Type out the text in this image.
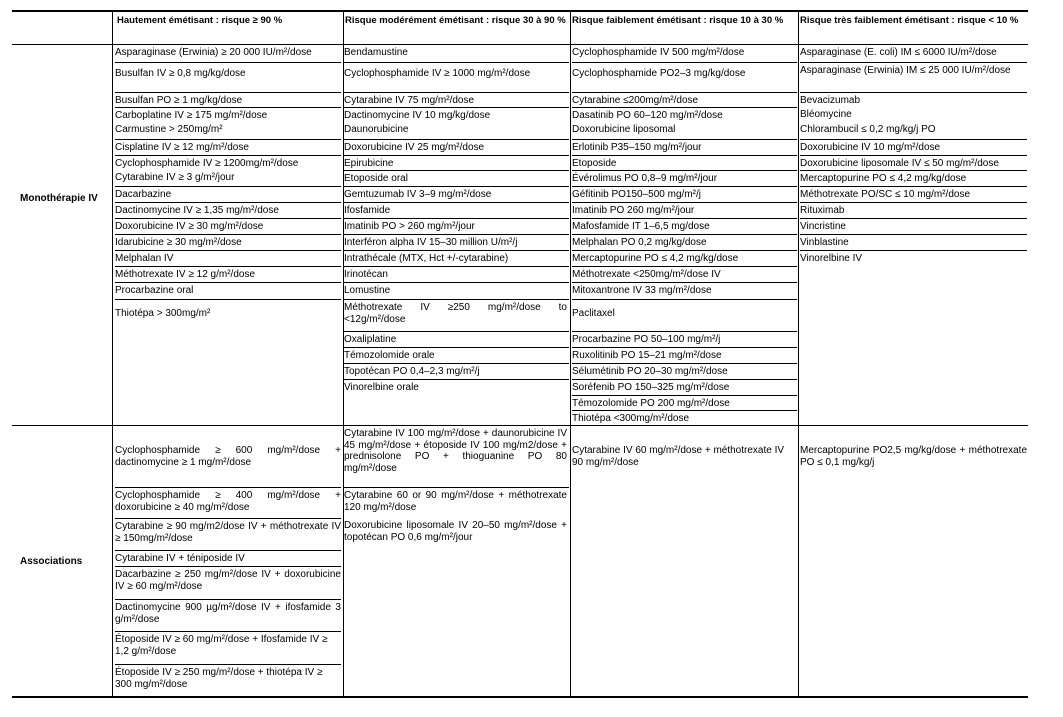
Hautement émétisant : risque ≥ 90 %	Risque modérément émétisant : risque 30 à 90 % Risque faiblement émétisant : risque 10 à 30 %	Risque très faiblement émétisant : risque < 10 %
Monothérapie IV
Associations
Asparaginase (Erwinia) ≥ 20 000 IU/m²/dose
Busulfan IV ≥ 0,8 mg/kg/dose
Busulfan PO ≥ 1 mg/kg/dose
Carboplatine IV ≥ 175 mg/m²/dose
Carmustine > 250mg/m²
Cisplatine IV ≥ 12 mg/m²/dose
Cyclophosphamide IV ≥ 1200mg/m²/dose
Cytarabine IV ≥ 3 g/m²/jour
Dacarbazine
Dactinomycine IV ≥ 1,35 mg/m²/dose
Doxorubicine IV ≥ 30 mg/m²/dose
Idarubicine ≥ 30 mg/m²/dose
Melphalan IV
Méthotrexate IV ≥ 12 g/m²/dose
Procarbazine oral
Thiotépa > 300mg/m²
Bendamustine
Cyclophosphamide IV ≥ 1000 mg/m²/dose
Cytarabine IV 75 mg/m²/dose
Dactinomycine IV 10 mg/kg/dose
Daunorubicine
Doxorubicine IV 25 mg/m²/dose
Epirubicine
Etoposide oral
Gemtuzumab IV 3–9 mg/m²/dose
Ifosfamide
Imatinib PO > 260 mg/m²/jour
Interféron alpha IV 15–30 million U/m²/j
Intrathécale (MTX, Hct +/-cytarabine)
Irinotécan
Lomustine
Méthotrexate IV ≥250 mg/m²/dose to <12g/m²/dose
Oxaliplatine
Témozolomide orale
Topotécan PO 0,4–2,3 mg/m²/j
Vinorelbine orale
Cyclophosphamide IV 500 mg/m²/dose
Cyclophosphamide PO2–3 mg/kg/dose
Cytarabine ≤200mg/m²/dose
Dasatinib PO 60–120 mg/m²/dose
Doxorubicine liposomal
Erlotinib P35–150 mg/m²/jour
Etoposide
Évérolimus PO 0,8–9 mg/m²/jour
Géfitinib PO150–500 mg/m²/j
Imatinib PO 260 mg/m²/jour
Mafosfamide IT 1–6,5 mg/dose
Melphalan PO 0,2 mg/kg/dose
Mercaptopurine PO ≤ 4,2 mg/kg/dose
Méthotrexate <250mg/m²/dose IV
Mitoxantrone IV 33 mg/m²/dose
Paclitaxel
Procarbazine PO 50–100 mg/m²/j
Ruxolitinib PO 15–21 mg/m²/dose
Sélumétinib PO 20–30 mg/m²/dose
Soréfenib PO 150–325 mg/m²/dose
Témozolomide PO 200 mg/m²/dose
Thiotépa <300mg/m²/dose
Asparaginase (E. coli) IM ≤ 6000 IU/m²/dose
Asparaginase (Erwinia) IM ≤ 25 000 IU/m²/dose
Bevacizumab
Bléomycine
Chlorambucil ≤ 0,2 mg/kg/j PO
Doxorubicine IV 10 mg/m²/dose
Doxorubicine liposomale IV ≤ 50 mg/m²/dose
Mercaptopurine PO ≤ 4,2 mg/kg/dose
Méthotrexate PO/SC ≤ 10 mg/m²/dose
Rituximab
Vincristine
Vinblastine
Vinorelbine IV
Cyclophosphamide ≥ 600 mg/m²/dose + dactinomycine ≥ 1 mg/m²/dose
Cyclophosphamide ≥ 400 mg/m²/dose + doxorubicine ≥ 40 mg/m²/dose
Cytarabine ≥ 90 mg/m2/dose IV + méthotrexate IV ≥ 150mg/m²/dose
Cytarabine IV + téniposide IV
Dacarbazine ≥ 250 mg/m²/dose IV + doxorubicine IV ≥ 60 mg/m²/dose
Dactinomycine 900 µg/m²/dose IV + ifosfamide 3 g/m²/dose
Étoposide IV ≥ 60 mg/m²/dose + Ifosfamide IV ≥ 1,2 g/m²/dose
Étoposide IV ≥ 250 mg/m²/dose + thiotépa IV ≥ 300 mg/m²/dose
Cytarabine IV 100 mg/m²/dose + daunorubicine IV 45 mg/m²/dose + étoposide IV 100 mg/m2/dose + prednisolone PO + thioguanine PO 80 mg/m²/dose
Cytarabine 60 or 90 mg/m²/dose + méthotrexate 120 mg/m²/dose
Doxorubicine liposomale IV 20–50 mg/m²/dose + topotécan PO 0,6 mg/m²/jour
Cytarabine IV 60 mg/m²/dose + méthotrexate IV 90 mg/m²/dose
Mercaptopurine PO2,5 mg/kg/dose + méthotrexate PO ≤ 0,1 mg/kg/j
